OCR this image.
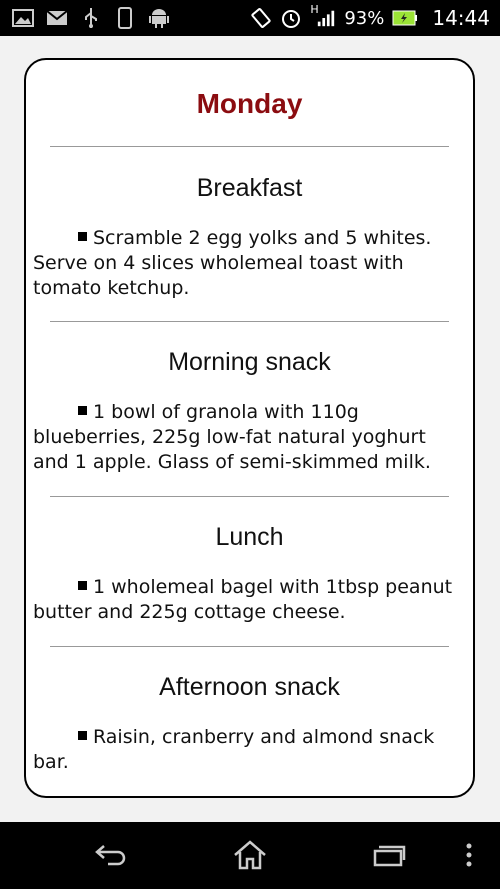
H 93% 14:44
Monday
Breakfast
Scramble 2 egg yolks and 5 whites. Serve on 4 slices wholemeal toast with tomato ketchup.
Morning snack
1 bowl of granola with 110g blueberries, 225g low-fat natural yoghurt and 1 apple. Glass of semi-skimmed milk.
Lunch
1 wholemeal bagel with 1tbsp peanut butter and 225g cottage cheese.
Afternoon snack
Raisin, cranberry and almond snack bar.
